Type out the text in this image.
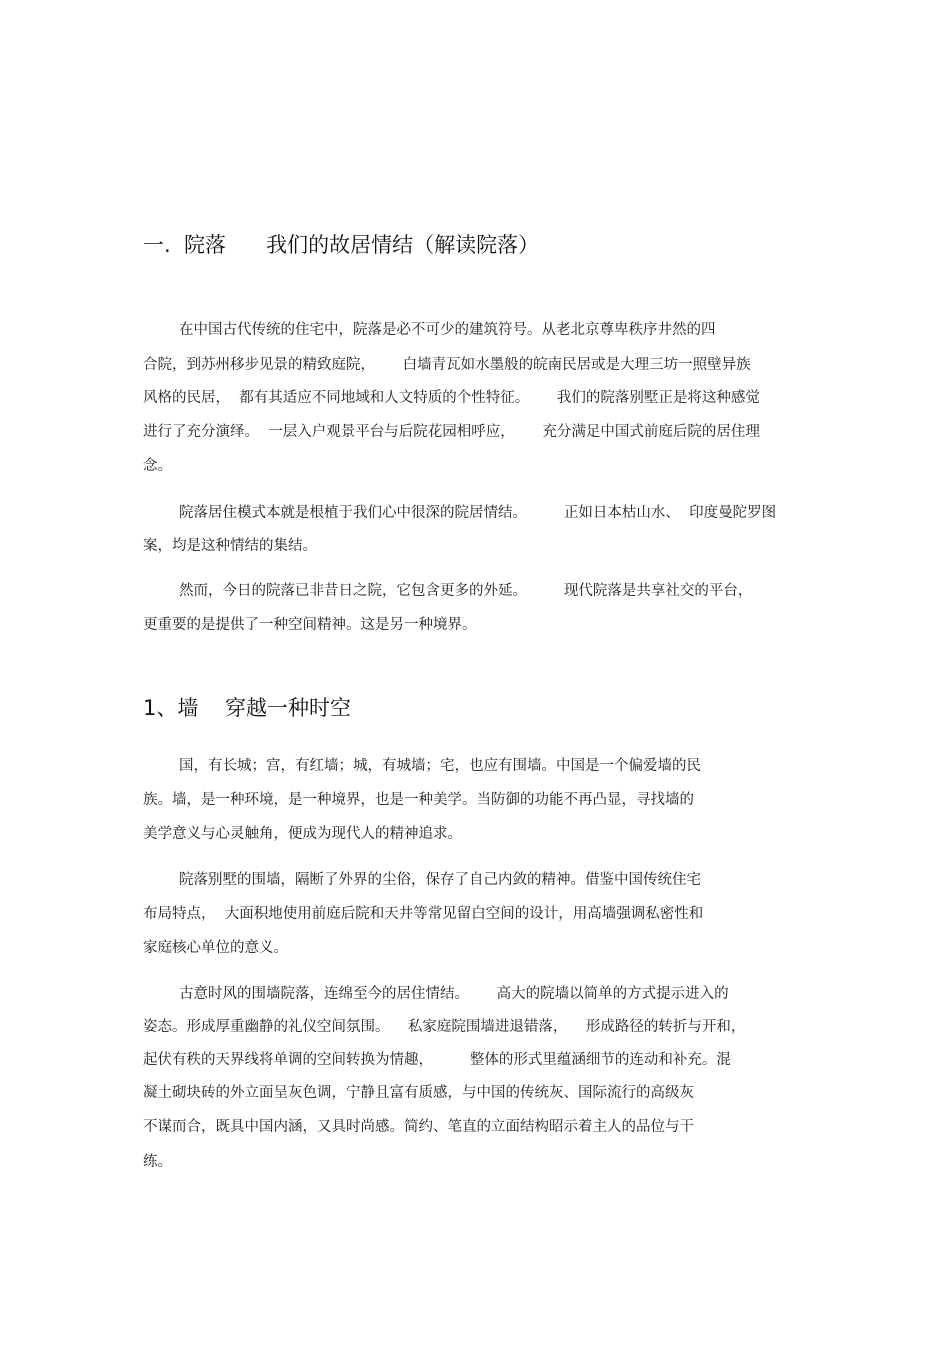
一.  院落      我们的故居情结（解读院落）
在中国古代传统的住宅中，院落是必不可少的建筑符号。从老北京尊卑秩序井然的四
合院，到苏州移步见景的精致庭院，      白墙青瓦如水墨般的皖南民居或是大理三坊一照壁异族
风格的民居，  都有其适应不同地域和人文特质的个性特征。      我们的院落别墅正是将这种感觉
进行了充分演绎。  一层入户观景平台与后院花园相呼应，      充分满足中国式前庭后院的居住理
念。
院落居住模式本就是根植于我们心中很深的院居情结。        正如日本枯山水、  印度曼陀罗图
案，均是这种情结的集结。
然而，今日的院落已非昔日之院，它包含更多的外延。        现代院落是共享社交的平台，
更重要的是提供了一种空间精神。这是另一种境界。
1、墙    穿越一种时空
国，有长城；宫，有红墙；城，有城墙；宅，也应有围墙。中国是一个偏爱墙的民
族。墙，是一种环境，是一种境界，也是一种美学。当防御的功能不再凸显，寻找墙的
美学意义与心灵触角，便成为现代人的精神追求。
院落别墅的围墙，隔断了外界的尘俗，保存了自己内敛的精神。借鉴中国传统住宅
布局特点，  大面积地使用前庭后院和天井等常见留白空间的设计，用高墙强调私密性和
家庭核心单位的意义。
古意时风的围墙院落，连绵至今的居住情结。      高大的院墙以简单的方式提示进入的
姿态。形成厚重幽静的礼仪空间氛围。    私家庭院围墙进退错落，    形成路径的转折与开和，
起伏有秩的天界线将单调的空间转换为情趣，        整体的形式里蕴涵细节的连动和补充。混
凝土砌块砖的外立面呈灰色调，宁静且富有质感，与中国的传统灰、国际流行的高级灰
不谋而合，既具中国内涵，又具时尚感。简约、笔直的立面结构昭示着主人的品位与干
练。
